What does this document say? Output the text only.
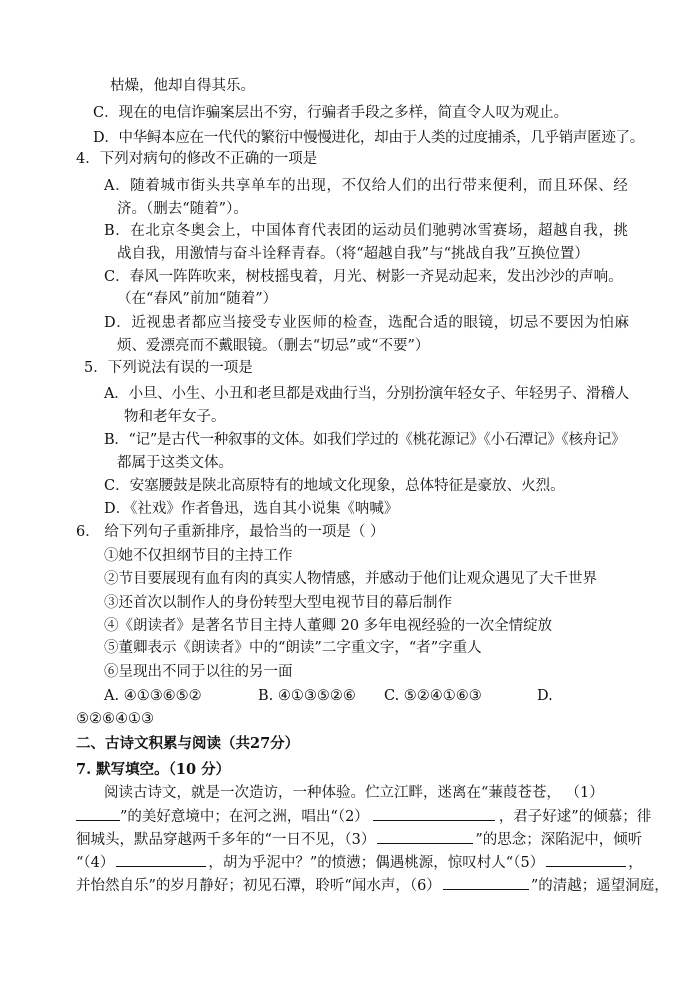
枯燥，他却自得其乐。
C．现在的电信诈骗案层出不穷，行骗者手段之多样，简直令人叹为观止。
D．中华鲟本应在一代代的繁衍中慢慢进化，却由于人类的过度捕杀，几乎销声匿迹了。
4．下列对病句的修改不正确的一项是
A．随着城市街头共享单车的出现，不仅给人们的出行带来便利，而且环保、经
济。（删去“随着”）。
B．在北京冬奥会上，中国体育代表团的运动员们驰骋冰雪赛场，超越自我，挑
战自我，用激情与奋斗诠释青春。（将“超越自我”与“挑战自我”互换位置）
C．春风一阵阵吹来，树枝摇曳着，月光、树影一齐晃动起来，发出沙沙的声响。
（在“春风”前加“随着”）
D．近视患者都应当接受专业医师的检查，选配合适的眼镜，切忌不要因为怕麻
烦、爱漂亮而不戴眼镜。（删去“切忌”或“不要”）
5．下列说法有误的一项是
A．小旦、小生、小丑和老旦都是戏曲行当，分别扮演年轻女子、年轻男子、滑稽人
物和老年女子。
B．“记”是古代一种叙事的文体。如我们学过的《桃花源记》《小石潭记》《核舟记》
都属于这类文体。
C．安塞腰鼓是陕北高原特有的地域文化现象，总体特征是豪放、火烈。
D．《社戏》作者鲁迅，选自其小说集《呐喊》
6． 给下列句子重新排序，最恰当的一项是（ ）
①她不仅担纲节目的主持工作
②节目要展现有血有肉的真实人物情感，并感动于他们让观众遇见了大千世界
③还首次以制作人的身份转型大型电视节目的幕后制作
④《朗读者》是著名节目主持人董卿 20 多年电视经验的一次全情绽放
⑤董卿表示《朗读者》中的“朗读”二字重文字，“者”字重人
⑥呈现出不同于以往的另一面
A. ④①③⑥⑤②	B. ④①③⑤②⑥ C. ⑤②④①⑥③	D.
⑤②⑥④①③
二、古诗文积累与阅读（共27分）
7. 默写填空。（10 分）
阅读古诗文，就是一次造访，一种体验。伫立江畔，迷离在“蒹葭苍苍， （1）
”的美好意境中；在河之洲，唱出“（2）	，君子好逑”的倾慕；徘
徊城头，默品穿越两千多年的“一日不见，（3）	”的思念；深陷泥中，倾听
“（4）	，胡为乎泥中？”的愤懑；偶遇桃源，惊叹村人“（5）	，
并怡然自乐”的岁月静好；初见石潭，聆听“闻水声，（6）	”的清越；遥望洞庭，
